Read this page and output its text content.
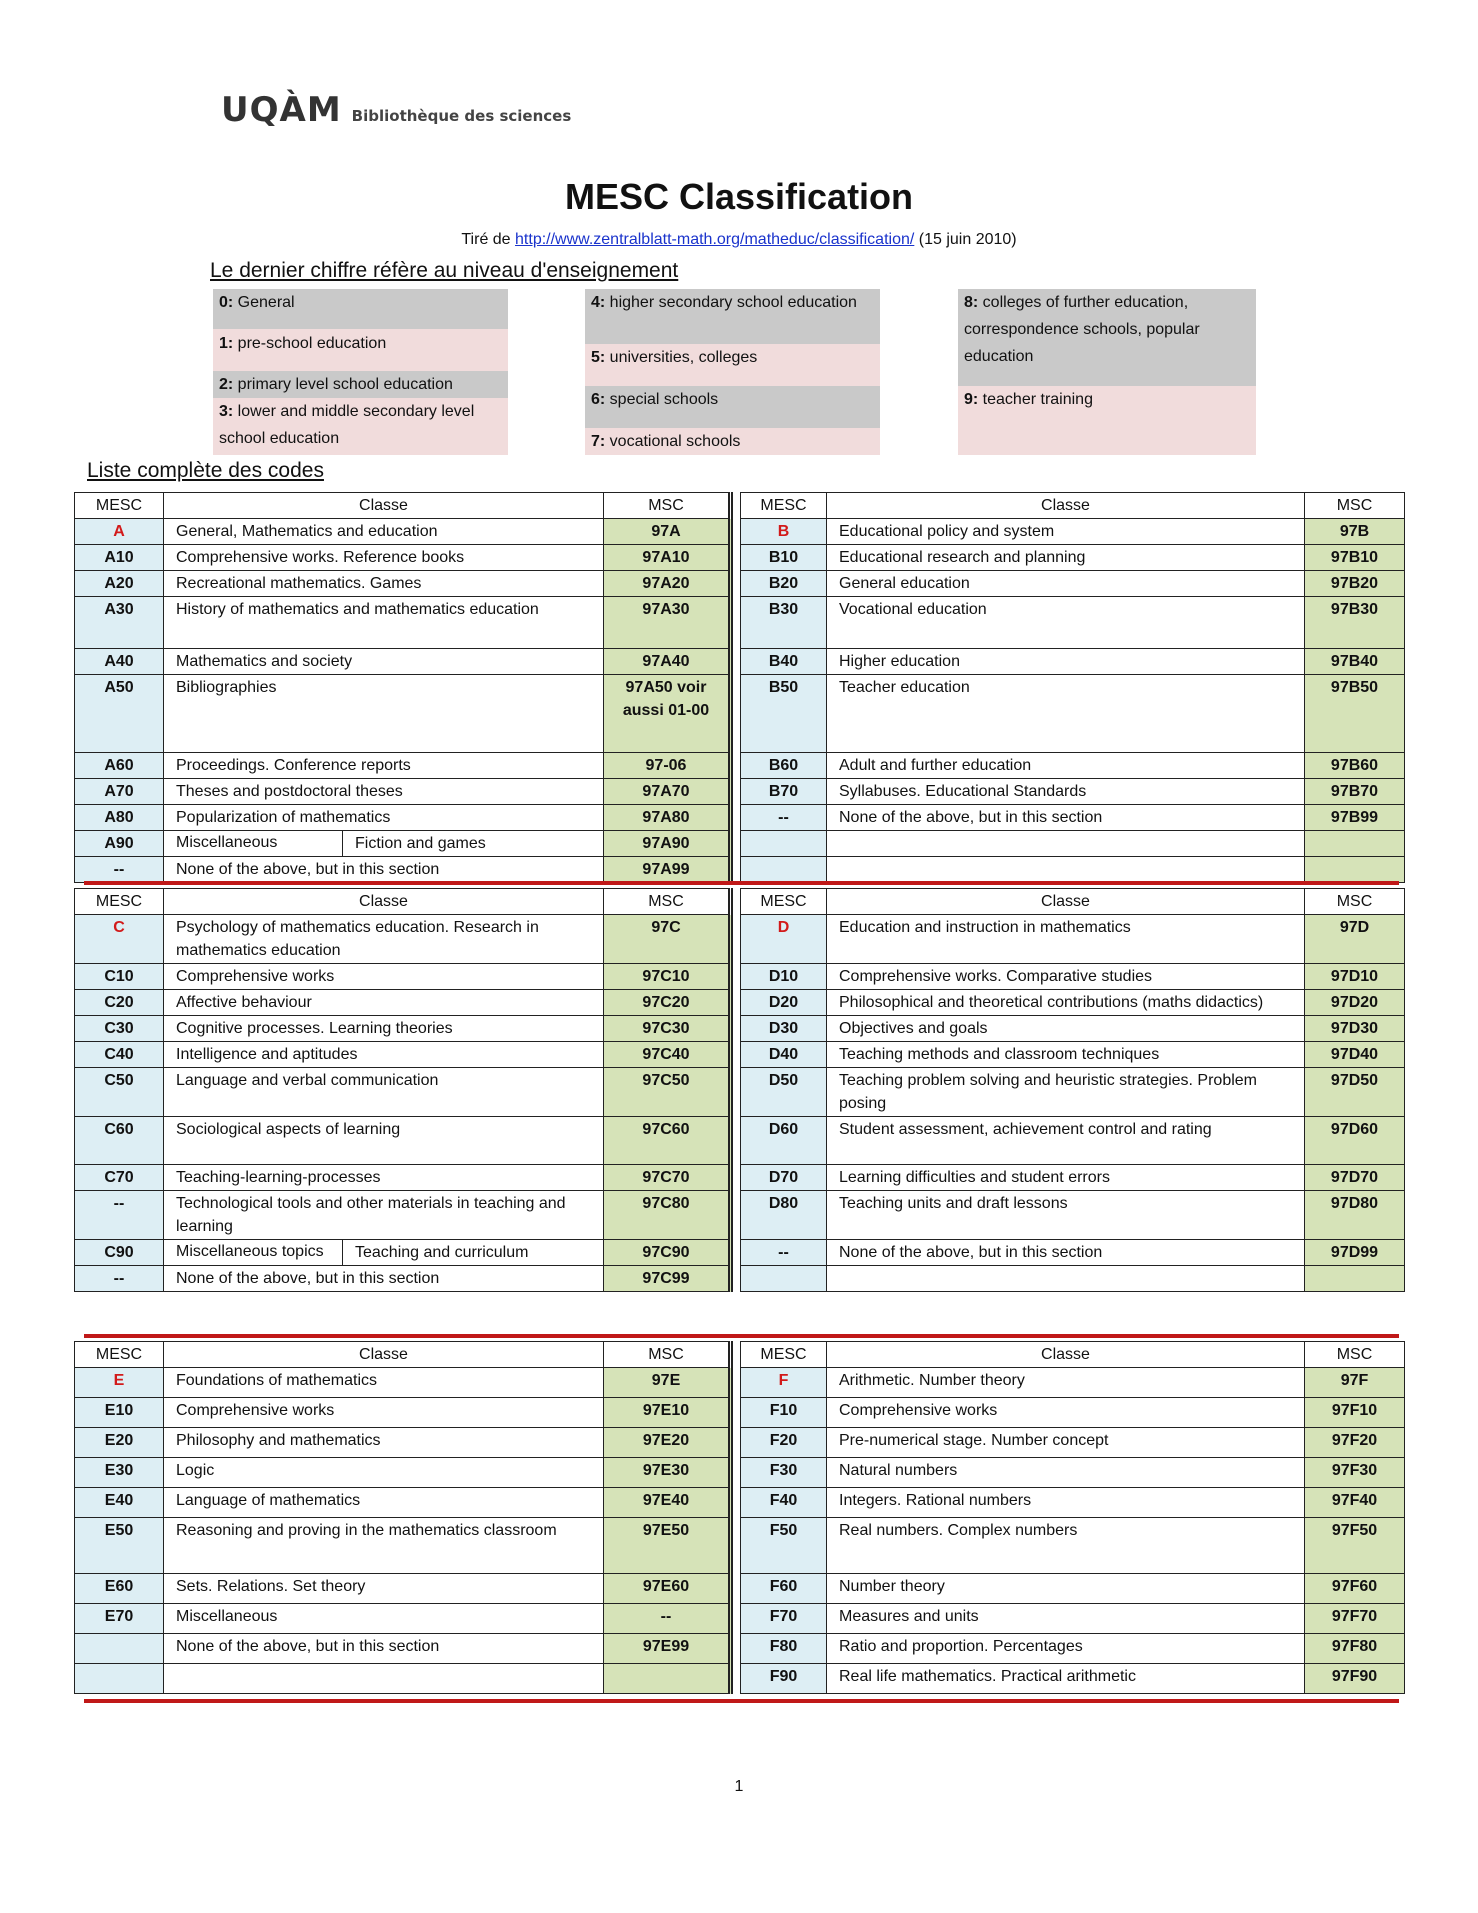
UQÀM Bibliothèque des sciences
MESC Classification
Tiré de http://www.zentralblatt-math.org/matheduc/classification/ (15 juin 2010)
Le dernier chiffre réfère au niveau d'enseignement
0: General
1: pre-school education
2: primary level school education
3: lower and middle secondary level school education
4: higher secondary school education
5: universities, colleges
6: special schools
7: vocational schools
8: colleges of further education, correspondence schools, popular education
9: teacher training
Liste complète des codes
MESC	Classe	MSC		MESC	Classe	MSC
A	General, Mathematics and education	97A		B	Educational policy and system	97B
A10	Comprehensive works. Reference books	97A10		B10	Educational research and planning	97B10
A20	Recreational mathematics. Games	97A20		B20	General education	97B20
A30	History of mathematics and mathematics education	97A30		B30	Vocational education	97B30
A40	Mathematics and society	97A40		B40	Higher education	97B40
A50	Bibliographies	97A50 voir aussi 01-00		B50	Teacher education	97B50
A60	Proceedings. Conference reports	97-06		B60	Adult and further education	97B60
A70	Theses and postdoctoral theses	97A70		B70	Syllabuses. Educational Standards	97B70
A80	Popularization of mathematics	97A80		--	None of the above, but in this section	97B99
A90	Miscellaneous Fiction and games	97A90				
--	None of the above, but in this section	97A99				
MESC	Classe	MSC		MESC	Classe	MSC
C	Psychology of mathematics education. Research in mathematics education	97C		D	Education and instruction in mathematics	97D
C10	Comprehensive works	97C10		D10	Comprehensive works. Comparative studies	97D10
C20	Affective behaviour	97C20		D20	Philosophical and theoretical contributions (maths didactics)	97D20
C30	Cognitive processes. Learning theories	97C30		D30	Objectives and goals	97D30
C40	Intelligence and aptitudes	97C40		D40	Teaching methods and classroom techniques	97D40
C50	Language and verbal communication	97C50		D50	Teaching problem solving and heuristic strategies. Problem posing	97D50
C60	Sociological aspects of learning	97C60		D60	Student assessment, achievement control and rating	97D60
C70	Teaching-learning-processes	97C70		D70	Learning difficulties and student errors	97D70
--	Technological tools and other materials in teaching and learning	97C80		D80	Teaching units and draft lessons	97D80
C90	Miscellaneous topics Teaching and curriculum	97C90		--	None of the above, but in this section	97D99
--	None of the above, but in this section	97C99				
MESC	Classe	MSC		MESC	Classe	MSC
E	Foundations of mathematics	97E		F	Arithmetic. Number theory	97F
E10	Comprehensive works	97E10		F10	Comprehensive works	97F10
E20	Philosophy and mathematics	97E20		F20	Pre-numerical stage. Number concept	97F20
E30	Logic	97E30		F30	Natural numbers	97F30
E40	Language of mathematics	97E40		F40	Integers. Rational numbers	97F40
E50	Reasoning and proving in the mathematics classroom	97E50		F50	Real numbers. Complex numbers	97F50
E60	Sets. Relations. Set theory	97E60		F60	Number theory	97F60
E70	Miscellaneous	--		F70	Measures and units	97F70
	None of the above, but in this section	97E99		F80	Ratio and proportion. Percentages	97F80
				F90	Real life mathematics. Practical arithmetic	97F90
1
